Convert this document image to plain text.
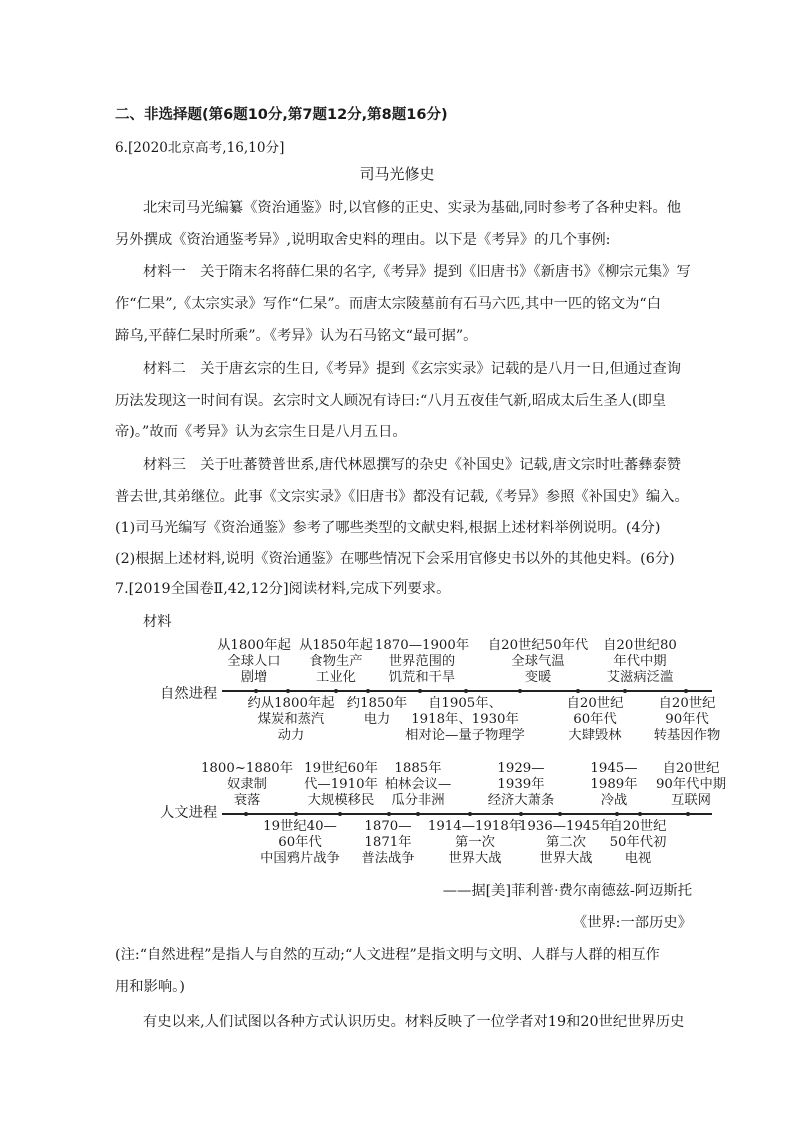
二、非选择题(第6题10分,第7题12分,第8题16分)
6.[2020北京高考,16,10分]
司马光修史
北宋司马光编纂《资治通鉴》时,以官修的正史、实录为基础,同时参考了各种史料。他
另外撰成《资治通鉴考异》,说明取舍史料的理由。以下是《考异》的几个事例:
材料一　关于隋末名将薛仁果的名字,《考异》提到《旧唐书》《新唐书》《柳宗元集》写
作“仁果”,《太宗实录》写作“仁杲”。而唐太宗陵墓前有石马六匹,其中一匹的铭文为“白
蹄乌,平薛仁杲时所乘”。《考异》认为石马铭文“最可据”。
材料二　关于唐玄宗的生日,《考异》提到《玄宗实录》记载的是八月一日,但通过查询
历法发现这一时间有误。玄宗时文人顾况有诗曰:“八月五夜佳气新,昭成太后生圣人(即皇
帝)。”故而《考异》认为玄宗生日是八月五日。
材料三　关于吐蕃赞普世系,唐代林恩撰写的杂史《补国史》记载,唐文宗时吐蕃彝泰赞
普去世,其弟继位。此事《文宗实录》《旧唐书》都没有记载,《考异》参照《补国史》编入。
(1)司马光编写《资治通鉴》参考了哪些类型的文献史料,根据上述材料举例说明。(4分)
(2)根据上述材料,说明《资治通鉴》在哪些情况下会采用官修史书以外的其他史料。(6分)
7.[2019全国卷Ⅱ,42,12分]阅读材料,完成下列要求。
材料
自然进程
从1800年起
全球人口
剧增
从1850年起
食物生产
工业化
1870—1900年
世界范围的
饥荒和干旱
自20世纪50年代
全球气温
变暖
自20世纪80
年代中期
艾滋病泛滥
约从1800年起
煤炭和蒸汽
动力
约1850年
电力
自1905年、
1918年、1930年
相对论—量子物理学
自20世纪
60年代
大肆毁林
自20世纪
90年代
转基因作物
人文进程
1800~1880年
奴隶制
衰落
19世纪60年
代—1910年
大规模移民
1885年
柏林会议—
瓜分非洲
1929—
1939年
经济大萧条
1945—
1989年
冷战
自20世纪
90年代中期
互联网
19世纪40—
60年代
中国鸦片战争
1870—
1871年
普法战争
1914—1918年
第一次
世界大战
1936—1945年
第二次
世界大战
自20世纪
50年代初
电视
——据[美]菲利普·费尔南德兹-阿迈斯托
《世界:一部历史》
(注:“自然进程”是指人与自然的互动;“人文进程”是指文明与文明、人群与人群的相互作
用和影响。)
有史以来,人们试图以各种方式认识历史。材料反映了一位学者对19和20世纪世界历史
